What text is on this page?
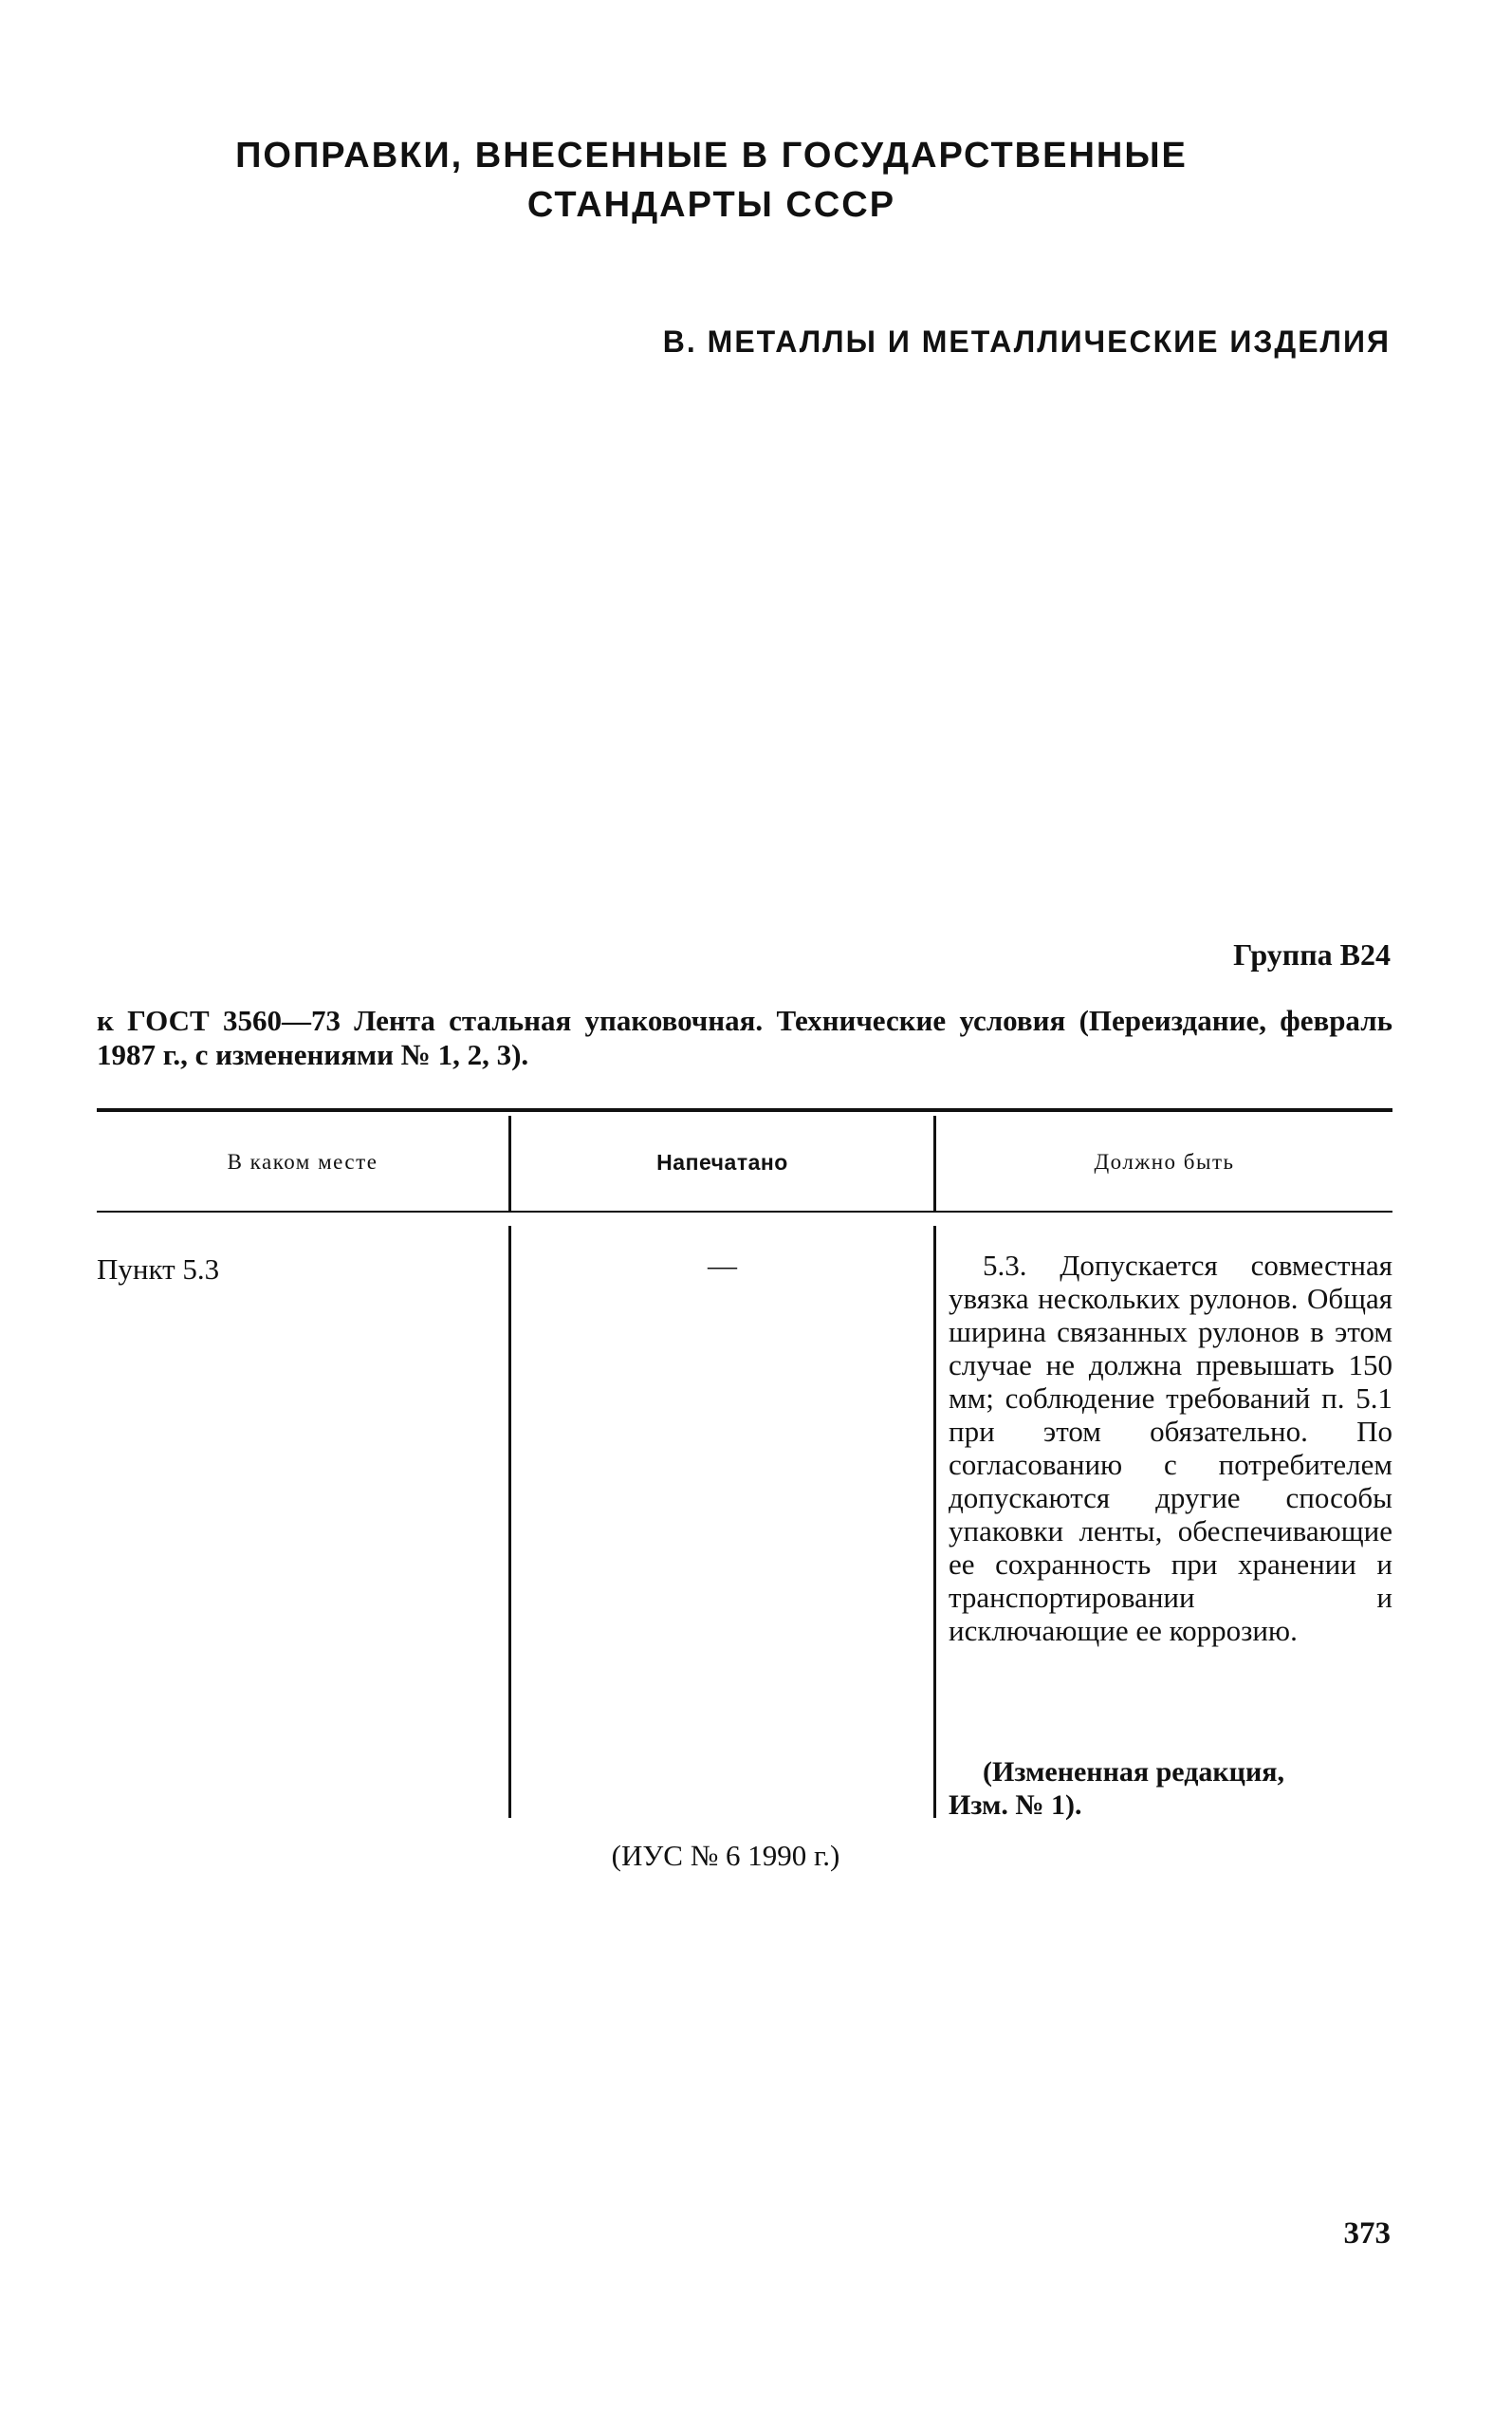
ПОПРАВКИ, ВНЕСЕННЫЕ В ГОСУДАРСТВЕННЫЕ
СТАНДАРТЫ СССР
В. МЕТАЛЛЫ И МЕТАЛЛИЧЕСКИЕ ИЗДЕЛИЯ
Группа В24
к ГОСТ 3560—73 Лента стальная упаковочная. Технические условия (Переиздание, февраль 1987 г., с изменениями № 1, 2, 3).
В каком месте	Напечатано	Должно быть
Пункт 5.3	—	5.3. Допускается совместная увязка нескольких рулонов. Общая ширина связанных рулонов в этом случае не должна превышать 150 мм; соблюдение требований п. 5.1 при этом обязательно. По согласованию с потребителем допускаются другие способы упаковки ленты, обеспечивающие ее сохранность при хранении и транспортировании и исключающие ее коррозию.
(Измененная редакция,
Изм. № 1).
(ИУС № 6 1990 г.)
373
